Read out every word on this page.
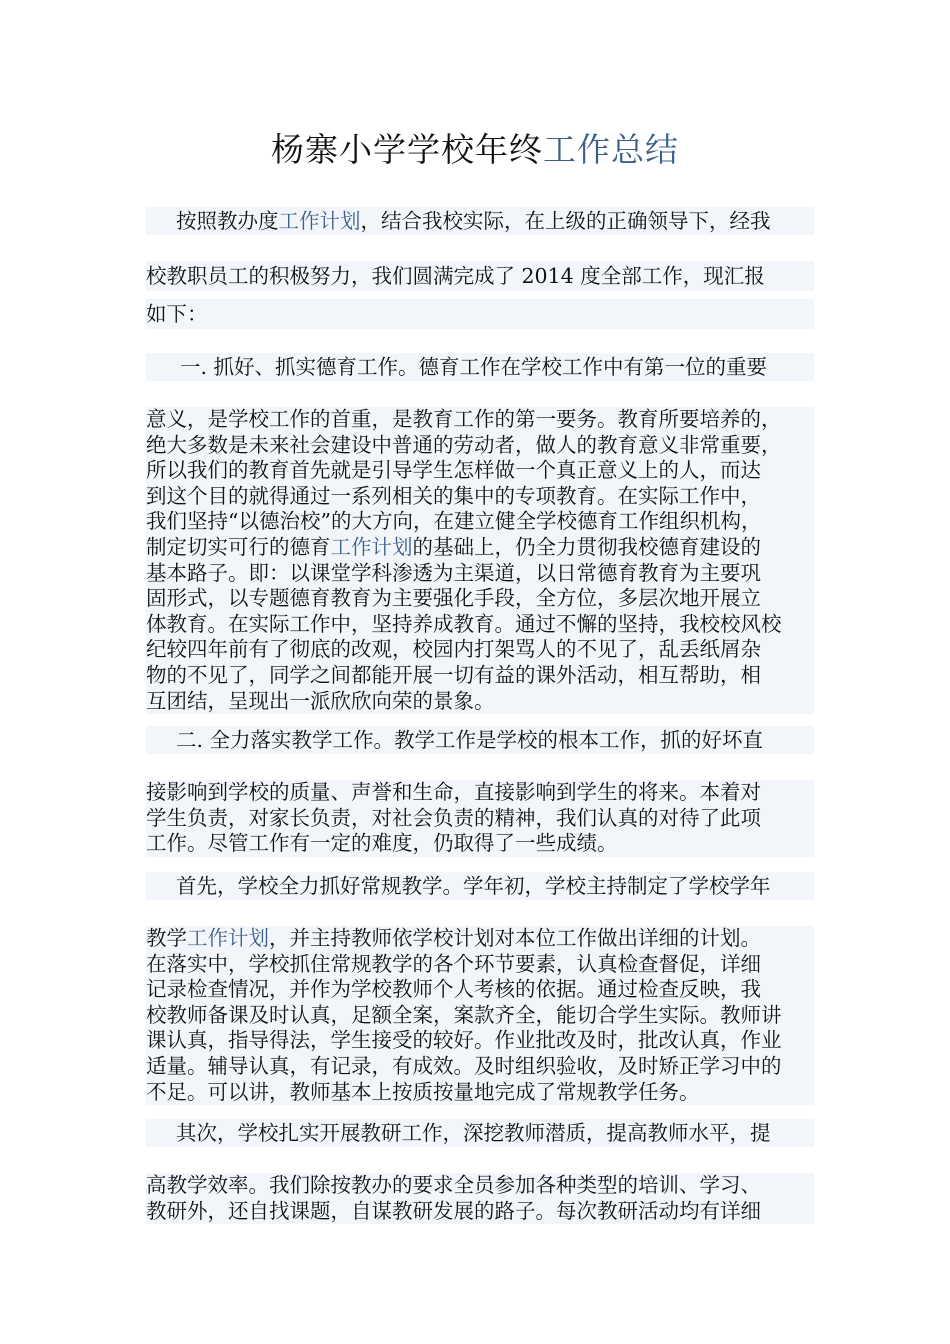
杨寨小学学校年终工作总结
按照教办度工作计划，结合我校实际，在上级的正确领导下，经我
校教职员工的积极努力，我们圆满完成了 2014 度全部工作，现汇报
如下：
一. 抓好、抓实德育工作。德育工作在学校工作中有第一位的重要
意义，是学校工作的首重，是教育工作的第一要务。教育所要培养的，
绝大多数是未来社会建设中普通的劳动者，做人的教育意义非常重要，
所以我们的教育首先就是引导学生怎样做一个真正意义上的人，而达
到这个目的就得通过一系列相关的集中的专项教育。在实际工作中，
我们坚持“以德治校”的大方向，在建立健全学校德育工作组织机构，
制定切实可行的德育工作计划的基础上，仍全力贯彻我校德育建设的
基本路子。即：以课堂学科渗透为主渠道，以日常德育教育为主要巩
固形式，以专题德育教育为主要强化手段，全方位，多层次地开展立
体教育。在实际工作中，坚持养成教育。通过不懈的坚持，我校校风校
纪较四年前有了彻底的改观，校园内打架骂人的不见了，乱丢纸屑杂
物的不见了，同学之间都能开展一切有益的课外活动，相互帮助，相
互团结，呈现出一派欣欣向荣的景象。
二. 全力落实教学工作。教学工作是学校的根本工作，抓的好坏直
接影响到学校的质量、声誉和生命，直接影响到学生的将来。本着对
学生负责，对家长负责，对社会负责的精神，我们认真的对待了此项
工作。尽管工作有一定的难度，仍取得了一些成绩。
首先，学校全力抓好常规教学。学年初，学校主持制定了学校学年
教学工作计划，并主持教师依学校计划对本位工作做出详细的计划。
在落实中，学校抓住常规教学的各个环节要素，认真检查督促，详细
记录检查情况，并作为学校教师个人考核的依据。通过检查反映，我
校教师备课及时认真，足额全案，案款齐全，能切合学生实际。教师讲
课认真，指导得法，学生接受的较好。作业批改及时，批改认真，作业
适量。辅导认真，有记录，有成效。及时组织验收，及时矫正学习中的
不足。可以讲，教师基本上按质按量地完成了常规教学任务。
其次，学校扎实开展教研工作，深挖教师潜质，提高教师水平，提
高教学效率。我们除按教办的要求全员参加各种类型的培训、学习、
教研外，还自找课题，自谋教研发展的路子。每次教研活动均有详细
